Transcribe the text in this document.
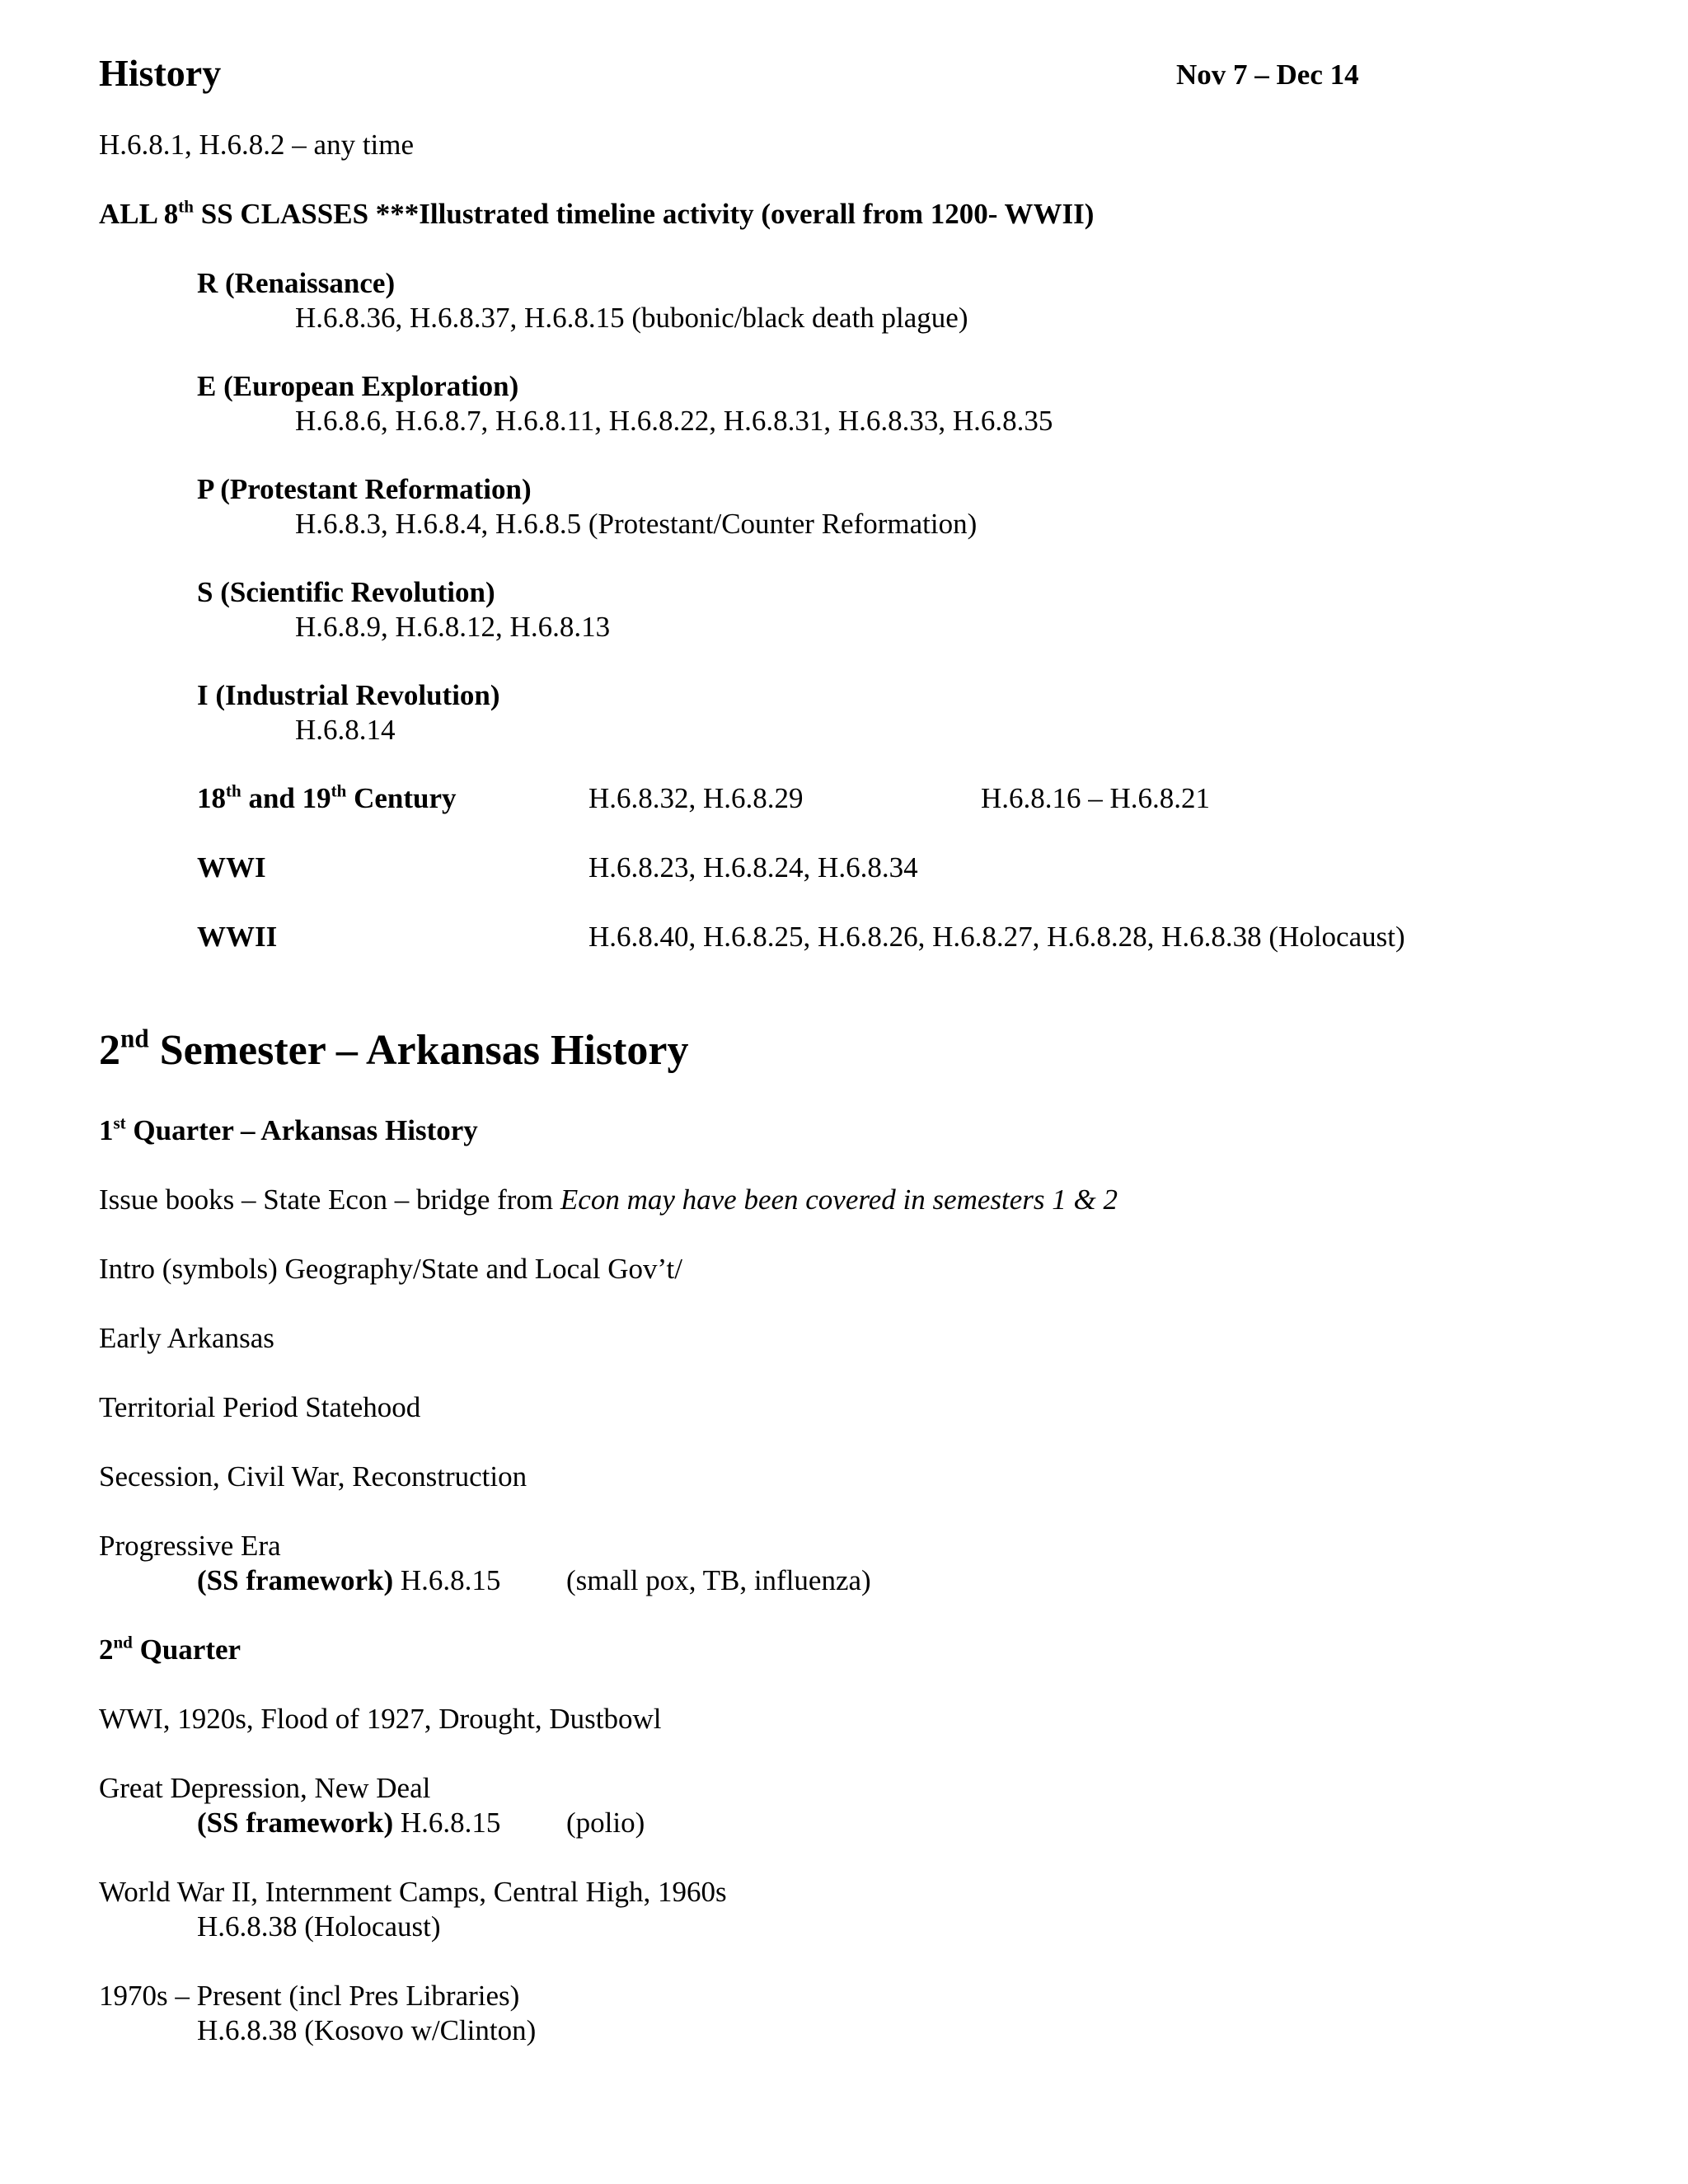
History	Nov 7 – Dec 14
H.6.8.1, H.6.8.2 – any time
ALL 8th SS CLASSES ***Illustrated timeline activity (overall from 1200- WWII)
R (Renaissance)
H.6.8.36, H.6.8.37, H.6.8.15 (bubonic/black death plague)
E (European Exploration)
H.6.8.6, H.6.8.7, H.6.8.11, H.6.8.22, H.6.8.31, H.6.8.33, H.6.8.35
P (Protestant Reformation)
H.6.8.3, H.6.8.4, H.6.8.5 (Protestant/Counter Reformation)
S (Scientific Revolution)
H.6.8.9, H.6.8.12, H.6.8.13
I (Industrial Revolution)
H.6.8.14
18th and 19th Century	H.6.8.32, H.6.8.29	H.6.8.16 – H.6.8.21
WWI	H.6.8.23, H.6.8.24, H.6.8.34
WWII	H.6.8.40, H.6.8.25, H.6.8.26, H.6.8.27, H.6.8.28, H.6.8.38 (Holocaust)
2nd Semester – Arkansas History
1st Quarter – Arkansas History
Issue books – State Econ – bridge from Econ may have been covered in semesters 1 & 2
Intro (symbols) Geography/State and Local Gov’t/
Early Arkansas
Territorial Period Statehood
Secession, Civil War, Reconstruction
Progressive Era
(SS framework) H.6.8.15 (small pox, TB, influenza)
2nd Quarter
WWI, 1920s, Flood of 1927, Drought, Dustbowl
Great Depression, New Deal
(SS framework) H.6.8.15 (polio)
World War II, Internment Camps, Central High, 1960s
H.6.8.38 (Holocaust)
1970s – Present (incl Pres Libraries)
H.6.8.38 (Kosovo w/Clinton)
